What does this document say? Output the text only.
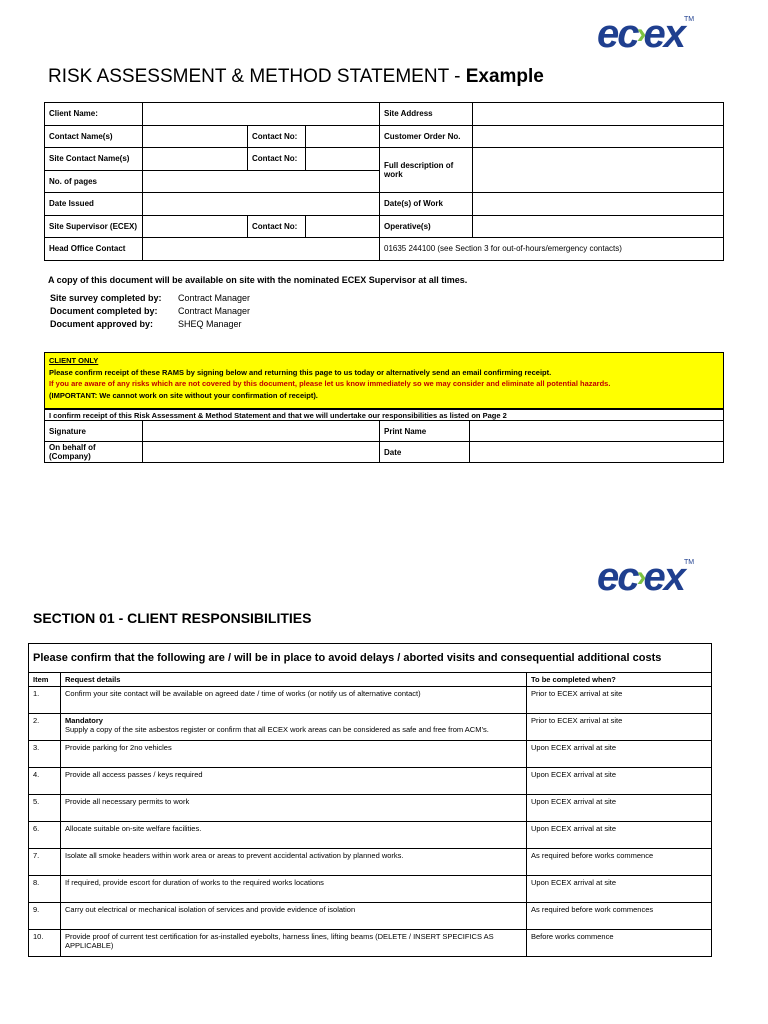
ec›ex™
RISK ASSESSMENT & METHOD STATEMENT - Example
Client Name:				Site Address	
Contact Name(s)		Contact No:		Customer Order No.	
Site Contact Name(s)		Contact No:		Full description of work	
No. of pages					
Date Issued				Date(s) of Work	
Site Supervisor (ECEX)		Contact No:		Operative(s)	
Head Office Contact				01635 244100 (see Section 3 for out-of-hours/emergency contacts)	
A copy of this document will be available on site with the nominated ECEX Supervisor at all times.
Site survey completed by: Contract Manager
Document completed by: Contract Manager
Document approved by:	SHEQ Manager
CLIENT ONLY
Please confirm receipt of these RAMS by signing below and returning this page to us today or alternatively send an email confirming receipt.
If you are aware of any risks which are not covered by this document, please let us know immediately so we may consider and eliminate all potential hazards.
(IMPORTANT: We cannot work on site without your confirmation of receipt).
I confirm receipt of this Risk Assessment & Method Statement and that we will undertake our responsibilities as listed on Page 2			
Signature		Print Name	
On behalf of (Company)		Date	
ec›ex™
SECTION 01 - CLIENT RESPONSIBILITIES
Please confirm that the following are / will be in place to avoid delays / aborted visits and consequential additional costs		
Item	Request details	To be completed when?
1.	Confirm your site contact will be available on agreed date / time of works (or notify us of alternative contact)	Prior to ECEX arrival at site
2.	Mandatory
Supply a copy of the site asbestos register or confirm that all ECEX work areas can be considered as safe and free from ACM’s.	Prior to ECEX arrival at site
3.	Provide parking for 2no vehicles	Upon ECEX arrival at site
4.	Provide all access passes / keys required	Upon ECEX arrival at site
5.	Provide all necessary permits to work	Upon ECEX arrival at site
6.	Allocate suitable on-site welfare facilities.	Upon ECEX arrival at site
7.	Isolate all smoke headers within work area or areas to prevent accidental activation by planned works.	As required before works commence
8.	If required, provide escort for duration of works to the required works locations	Upon ECEX arrival at site
9.	Carry out electrical or mechanical isolation of services and provide evidence of isolation	As required before work commences
10.	Provide proof of current test certification for as-installed eyebolts, harness lines, lifting beams (DELETE / INSERT SPECIFICS AS APPLICABLE)	Before works commence
